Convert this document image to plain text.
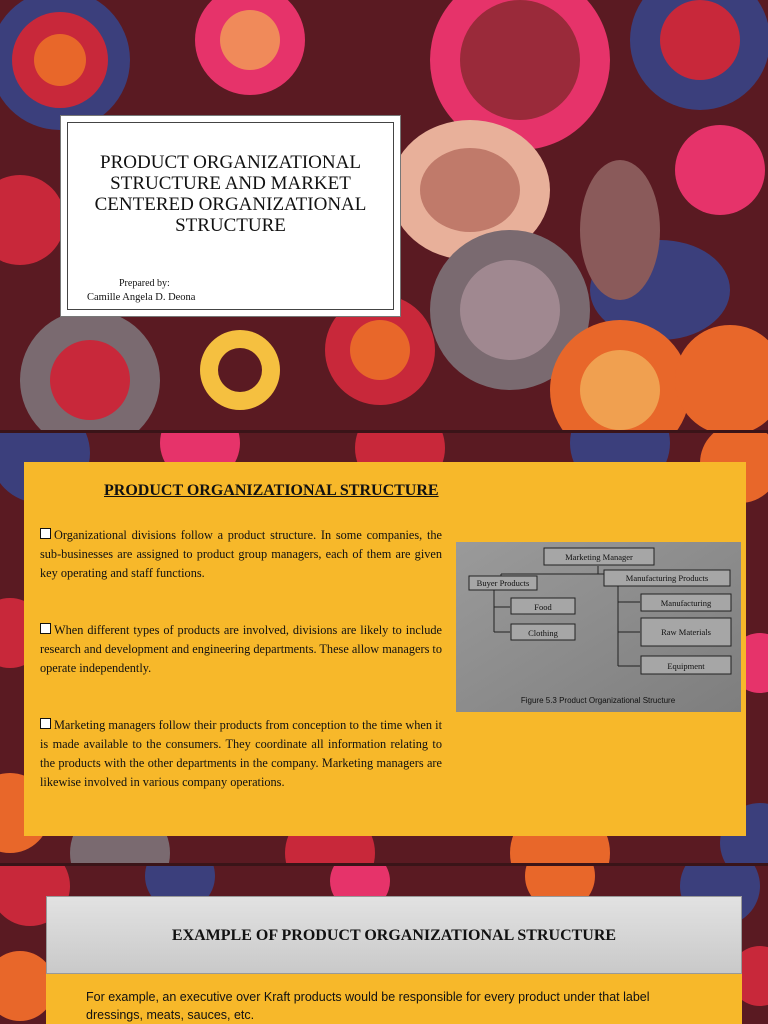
PRODUCT ORGANIZATIONAL STRUCTURE AND MARKET CENTERED ORGANIZATIONAL STRUCTURE
Prepared by:
Camille Angela D. Deona
PRODUCT ORGANIZATIONAL STRUCTURE
Organizational divisions follow a product structure. In some companies, the sub-businesses are assigned to product group managers, each of them are given key operating and staff functions.
When different types of products are involved, divisions are likely to include research and development and engineering departments. These allow managers to operate independently.
Marketing managers follow their products from conception to the time when it is made available to the consumers. They coordinate all information relating to the products with the other departments in the company. Marketing managers are likewise involved in various company operations.
Marketing Manager
Buyer Products	Manufacturing Products
Food
Clothing
Manufacturing
Raw Materials
Equipment
Figure 5.3 Product Organizational Structure
EXAMPLE OF PRODUCT ORGANIZATIONAL STRUCTURE
For example, an executive over Kraft products would be responsible for every product under that label
dressings, meats, sauces, etc.
